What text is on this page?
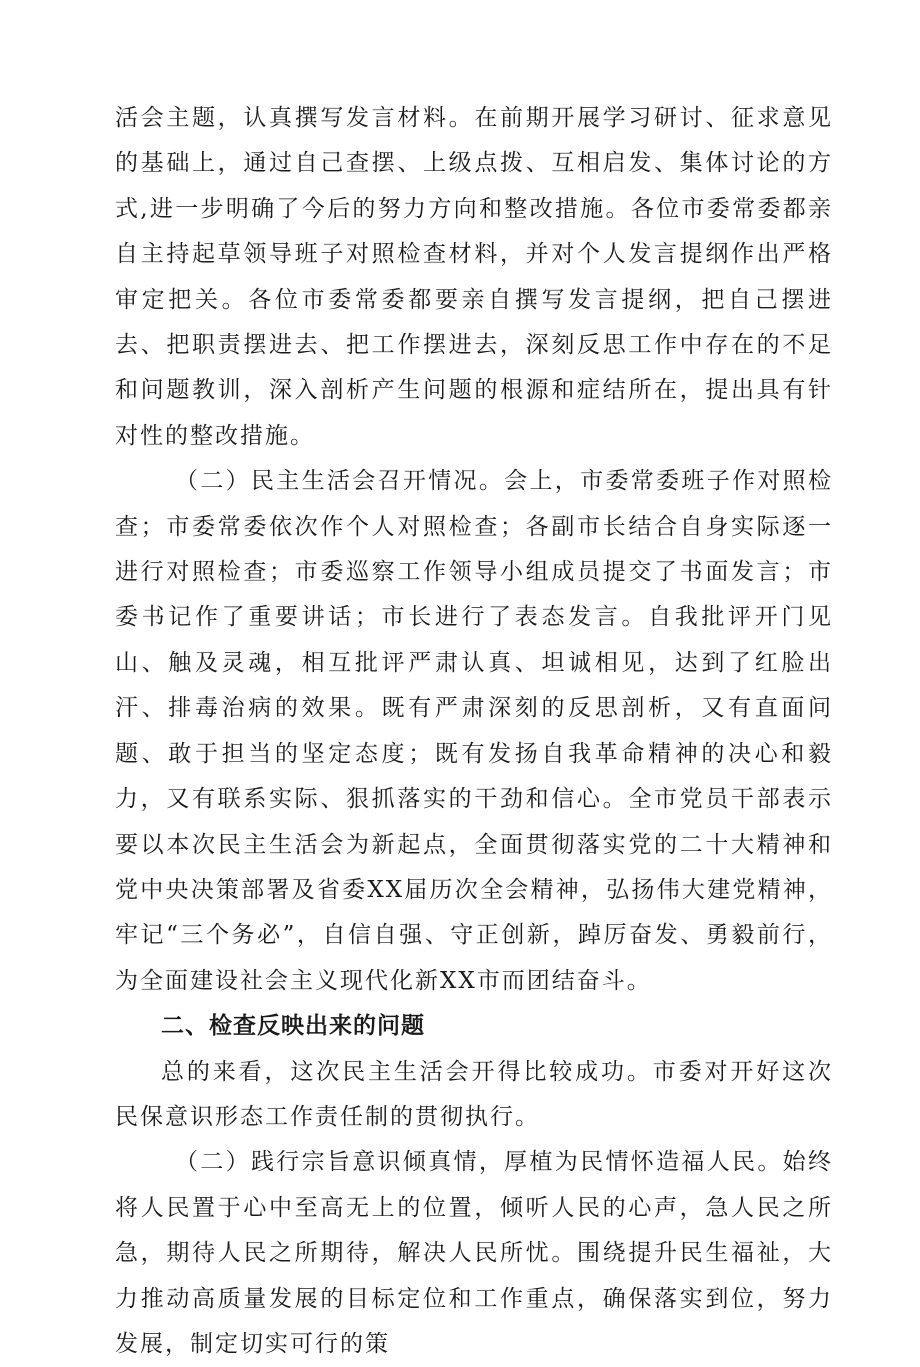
活会主题，认真撰写发言材料。在前期开展学习研讨、征求意见的基础上，通过自己查摆、上级点拨、互相启发、集体讨论的方式,进一步明确了今后的努力方向和整改措施。各位市委常委都亲自主持起草领导班子对照检查材料，并对个人发言提纲作出严格审定把关。各位市委常委都要亲自撰写发言提纲，把自己摆进去、把职责摆进去、把工作摆进去，深刻反思工作中存在的不足和问题教训，深入剖析产生问题的根源和症结所在，提出具有针对性的整改措施。

（二）民主生活会召开情况。会上，市委常委班子作对照检查；市委常委依次作个人对照检查；各副市长结合自身实际逐一进行对照检查；市委巡察工作领导小组成员提交了书面发言；市委书记作了重要讲话；市长进行了表态发言。自我批评开门见山、触及灵魂，相互批评严肃认真、坦诚相见，达到了红脸出汗、排毒治病的效果。既有严肃深刻的反思剖析，又有直面问题、敢于担当的坚定态度；既有发扬自我革命精神的决心和毅力，又有联系实际、狠抓落实的干劲和信心。全市党员干部表示要以本次民主生活会为新起点，全面贯彻落实党的二十大精神和党中央决策部署及省委XX届历次全会精神，弘扬伟大建党精神，牢记“三个务必”，自信自强、守正创新，踔厉奋发、勇毅前行，为全面建设社会主义现代化新XX市而团结奋斗。

二、检查反映出来的问题

总的来看，这次民主生活会开得比较成功。市委对开好这次民保意识形态工作责任制的贯彻执行。

（二）践行宗旨意识倾真情，厚植为民情怀造福人民。始终将人民置于心中至高无上的位置，倾听人民的心声，急人民之所急，期待人民之所期待，解决人民所忧。围绕提升民生福祉，大力推动高质量发展的目标定位和工作重点，确保落实到位，努力发展，制定切实可行的策
